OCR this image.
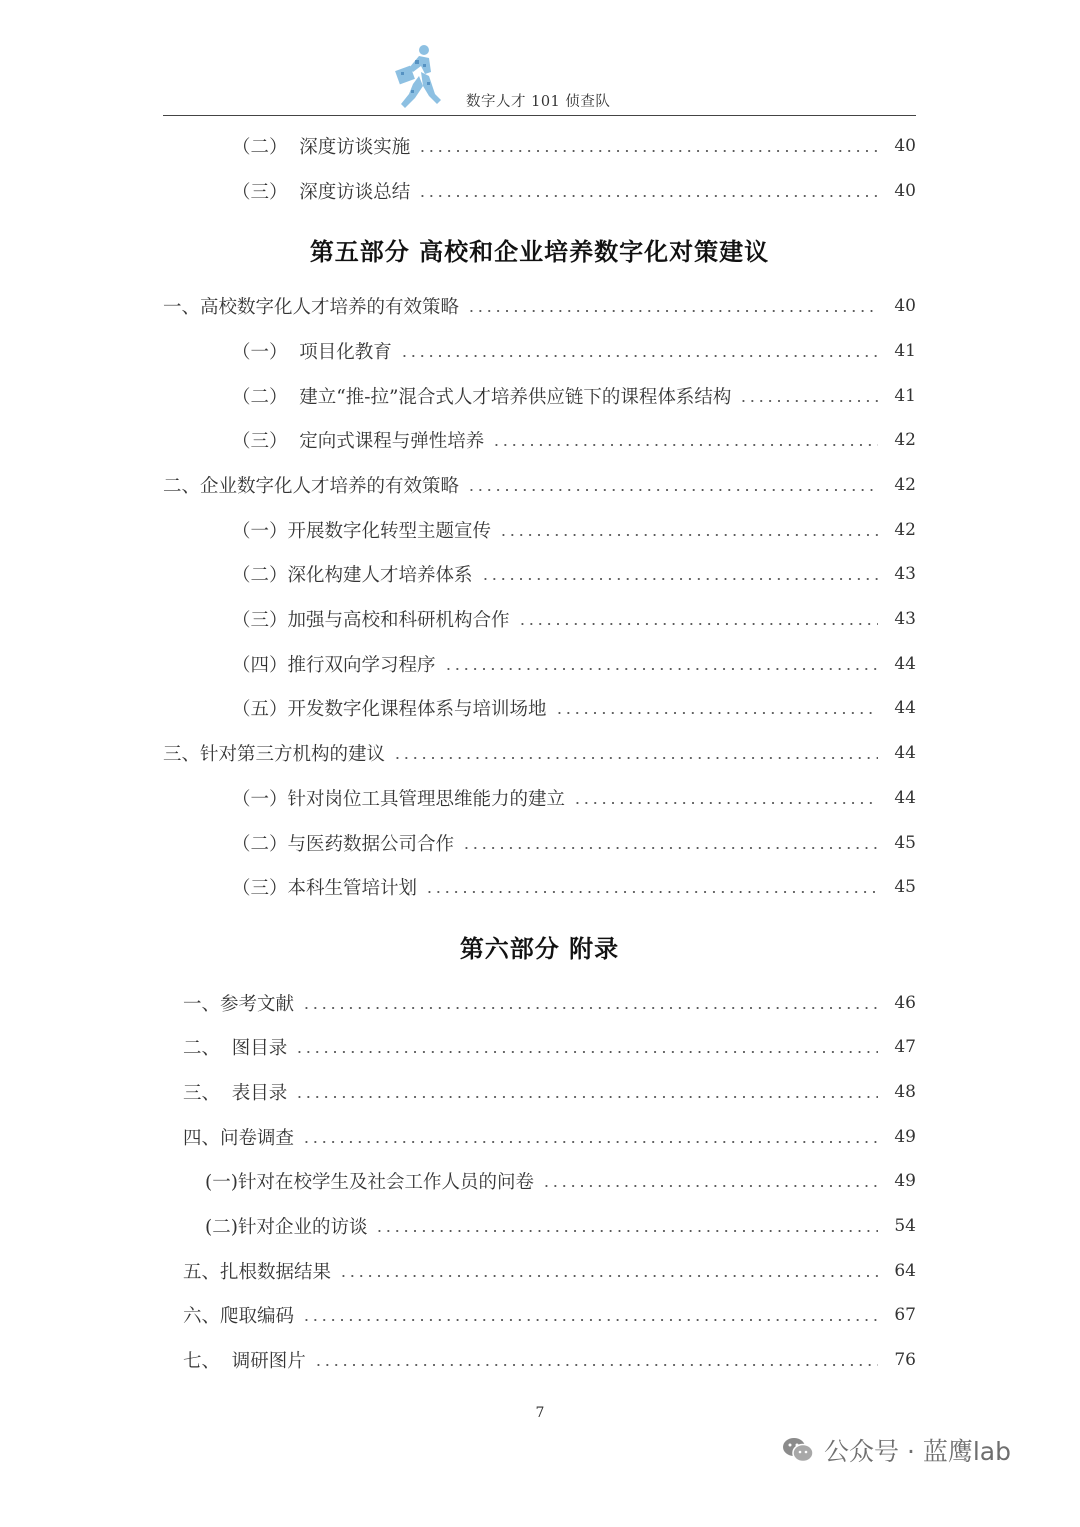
数字人才 101 侦查队
（二） 深度访谈实施	40
（三） 深度访谈总结	40
第五部分 高校和企业培养数字化对策建议
一、高校数字化人才培养的有效策略	40
（一） 项目化教育	41
（二） 建立“推-拉”混合式人才培养供应链下的课程体系结构	41
（三） 定向式课程与弹性培养	42
二、企业数字化人才培养的有效策略	42
（一） 开展数字化转型主题宣传	42
（二） 深化构建人才培养体系	43
（三） 加强与高校和科研机构合作	43
（四） 推行双向学习程序	44
（五） 开发数字化课程体系与培训场地	44
三、针对第三方机构的建议	44
（一） 针对岗位工具管理思维能力的建立	44
（二） 与医药数据公司合作	45
（三） 本科生管培计划	45
第六部分 附录
一、 参考文献	46
二、 图目录	47
三、 表目录	48
四、 问卷调查	49
(一) 针对在校学生及社会工作人员的问卷	49
(二) 针对企业的访谈	54
五、 扎根数据结果	64
六、 爬取编码	67
七、 调研图片	76
7
公众号 · 蓝鹰lab
